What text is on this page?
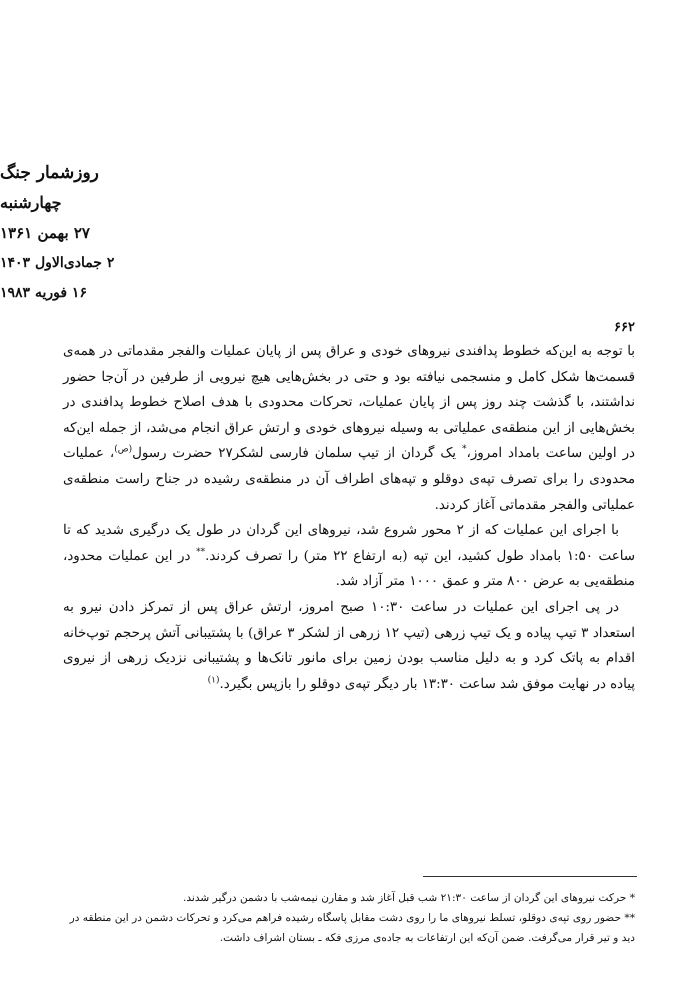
روزشمار جنگ
چهارشنبه
۲۷ بهمن ۱۳۶۱
۲ جمادی‌الاول ۱۴۰۳
۱۶ فوریه ۱۹۸۳
۶۶۲

با توجه به این‌که خطوط پدافندی نیروهای خودی و عراق پس از پایان عملیات والفجر مقدماتی در همه‌ی قسمت‌ها شکل کامل و منسجمی نیافته بود و حتی در بخش‌هایی هیچ نیرویی از طرفین در آن‌جا حضور نداشتند، با گذشت چند روز پس از پایان عملیات، تحرکات محدودی با هدف اصلاح خطوط پدافندی در بخش‌هایی از این منطقه‌ی عملیاتی به وسیله نیروهای خودی و ارتش عراق انجام می‌شد، از جمله این‌که در اولین ساعت بامداد امروز،* یک گردان از تیپ سلمان فارسی لشکر۲۷ حضرت رسول$^{(ص)}$، عملیات محدودی را برای تصرف تپه‌ی دوقلو و تپه‌های اطراف آن در منطقه‌ی رشیده در جناح راست منطقه‌ی عملیاتی والفجر مقدماتی آغاز کردند.

با اجرای این عملیات که از ۲ محور شروع شد، نیروهای این گردان در طول یک درگیری شدید که تا ساعت ۱:۵۰ بامداد طول کشید، این تپه (به ارتفاع ۲۲ متر) را تصرف کردند.** در این عملیات محدود، منطقه‌یی به عرض ۸۰۰ متر و عمق ۱۰۰۰ متر آزاد شد.

در پی اجرای این عملیات در ساعت ۱۰:۳۰ صبح امروز، ارتش عراق پس از تمرکز دادن نیرو به استعداد ۳ تیپ پیاده و یک تیپ زرهی (تیپ ۱۲ زرهی از لشکر ۳ عراق) با پشتیبانی آتش پرحجم توپ‌خانه اقدام به پاتک کرد و به دلیل مناسب بودن زمین برای مانور تانک‌ها و پشتیبانی نزدیک زرهی از نیروی پیاده در نهایت موفق شد ساعت ۱۳:۳۰ بار دیگر تپه‌ی دوقلو را بازپس بگیرد.$^{(۱)}$

* حرکت نیروهای این گردان از ساعت ۲۱:۳۰ شب قبل آغاز شد و مقارن نیمه‌شب با دشمن درگیر شدند.

** حضور روی تپه‌ی دوقلو، تسلط نیروهای ما را روی دشت مقابل پاسگاه رشیده فراهم می‌کرد و تحرکات دشمن در این منطقه در دید و تیر قرار می‌گرفت. ضمن آن‌که این ارتفاعات به جاده‌ی مرزی فکه ـ بستان اشراف داشت.
